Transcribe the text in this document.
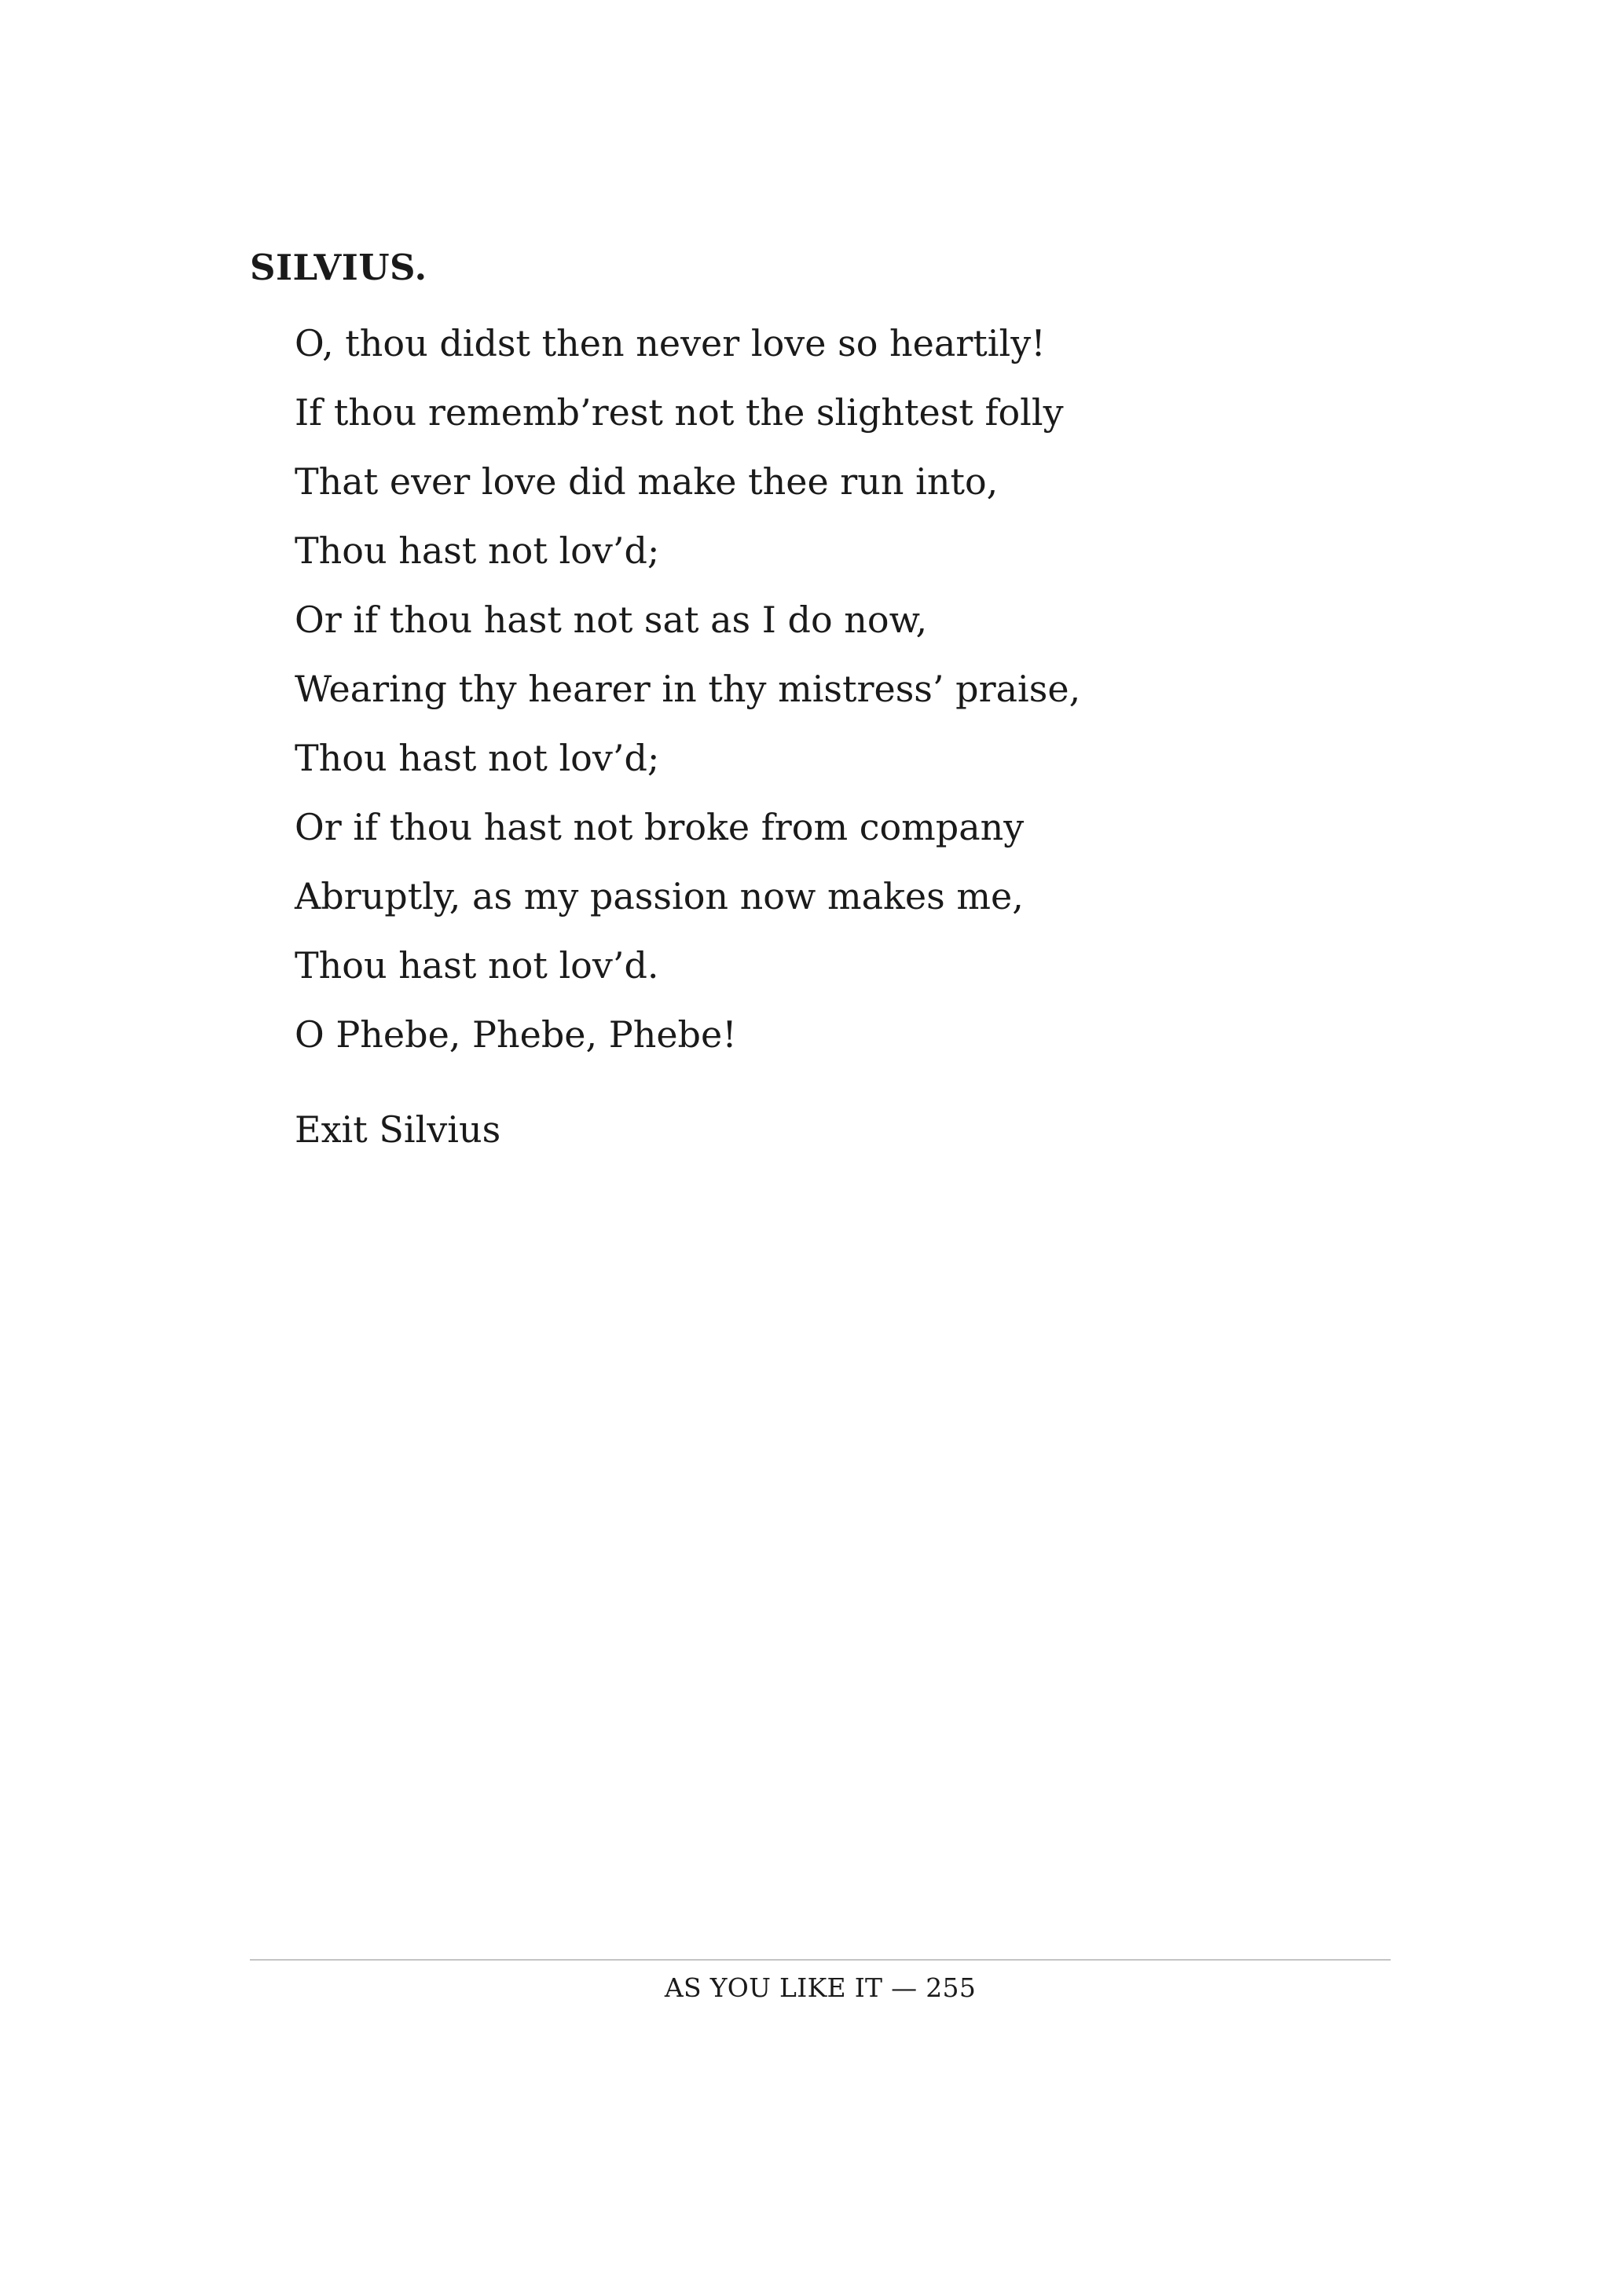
SILVIUS.
O, thou didst then never love so heartily!
If thou rememb’rest not the slightest folly
That ever love did make thee run into,
Thou hast not lov’d;
Or if thou hast not sat as I do now,
Wearing thy hearer in thy mistress’ praise,
Thou hast not lov’d;
Or if thou hast not broke from company
Abruptly, as my passion now makes me,
Thou hast not lov’d.
O Phebe, Phebe, Phebe!

Exit Silvius

AS YOU LIKE IT — 255
